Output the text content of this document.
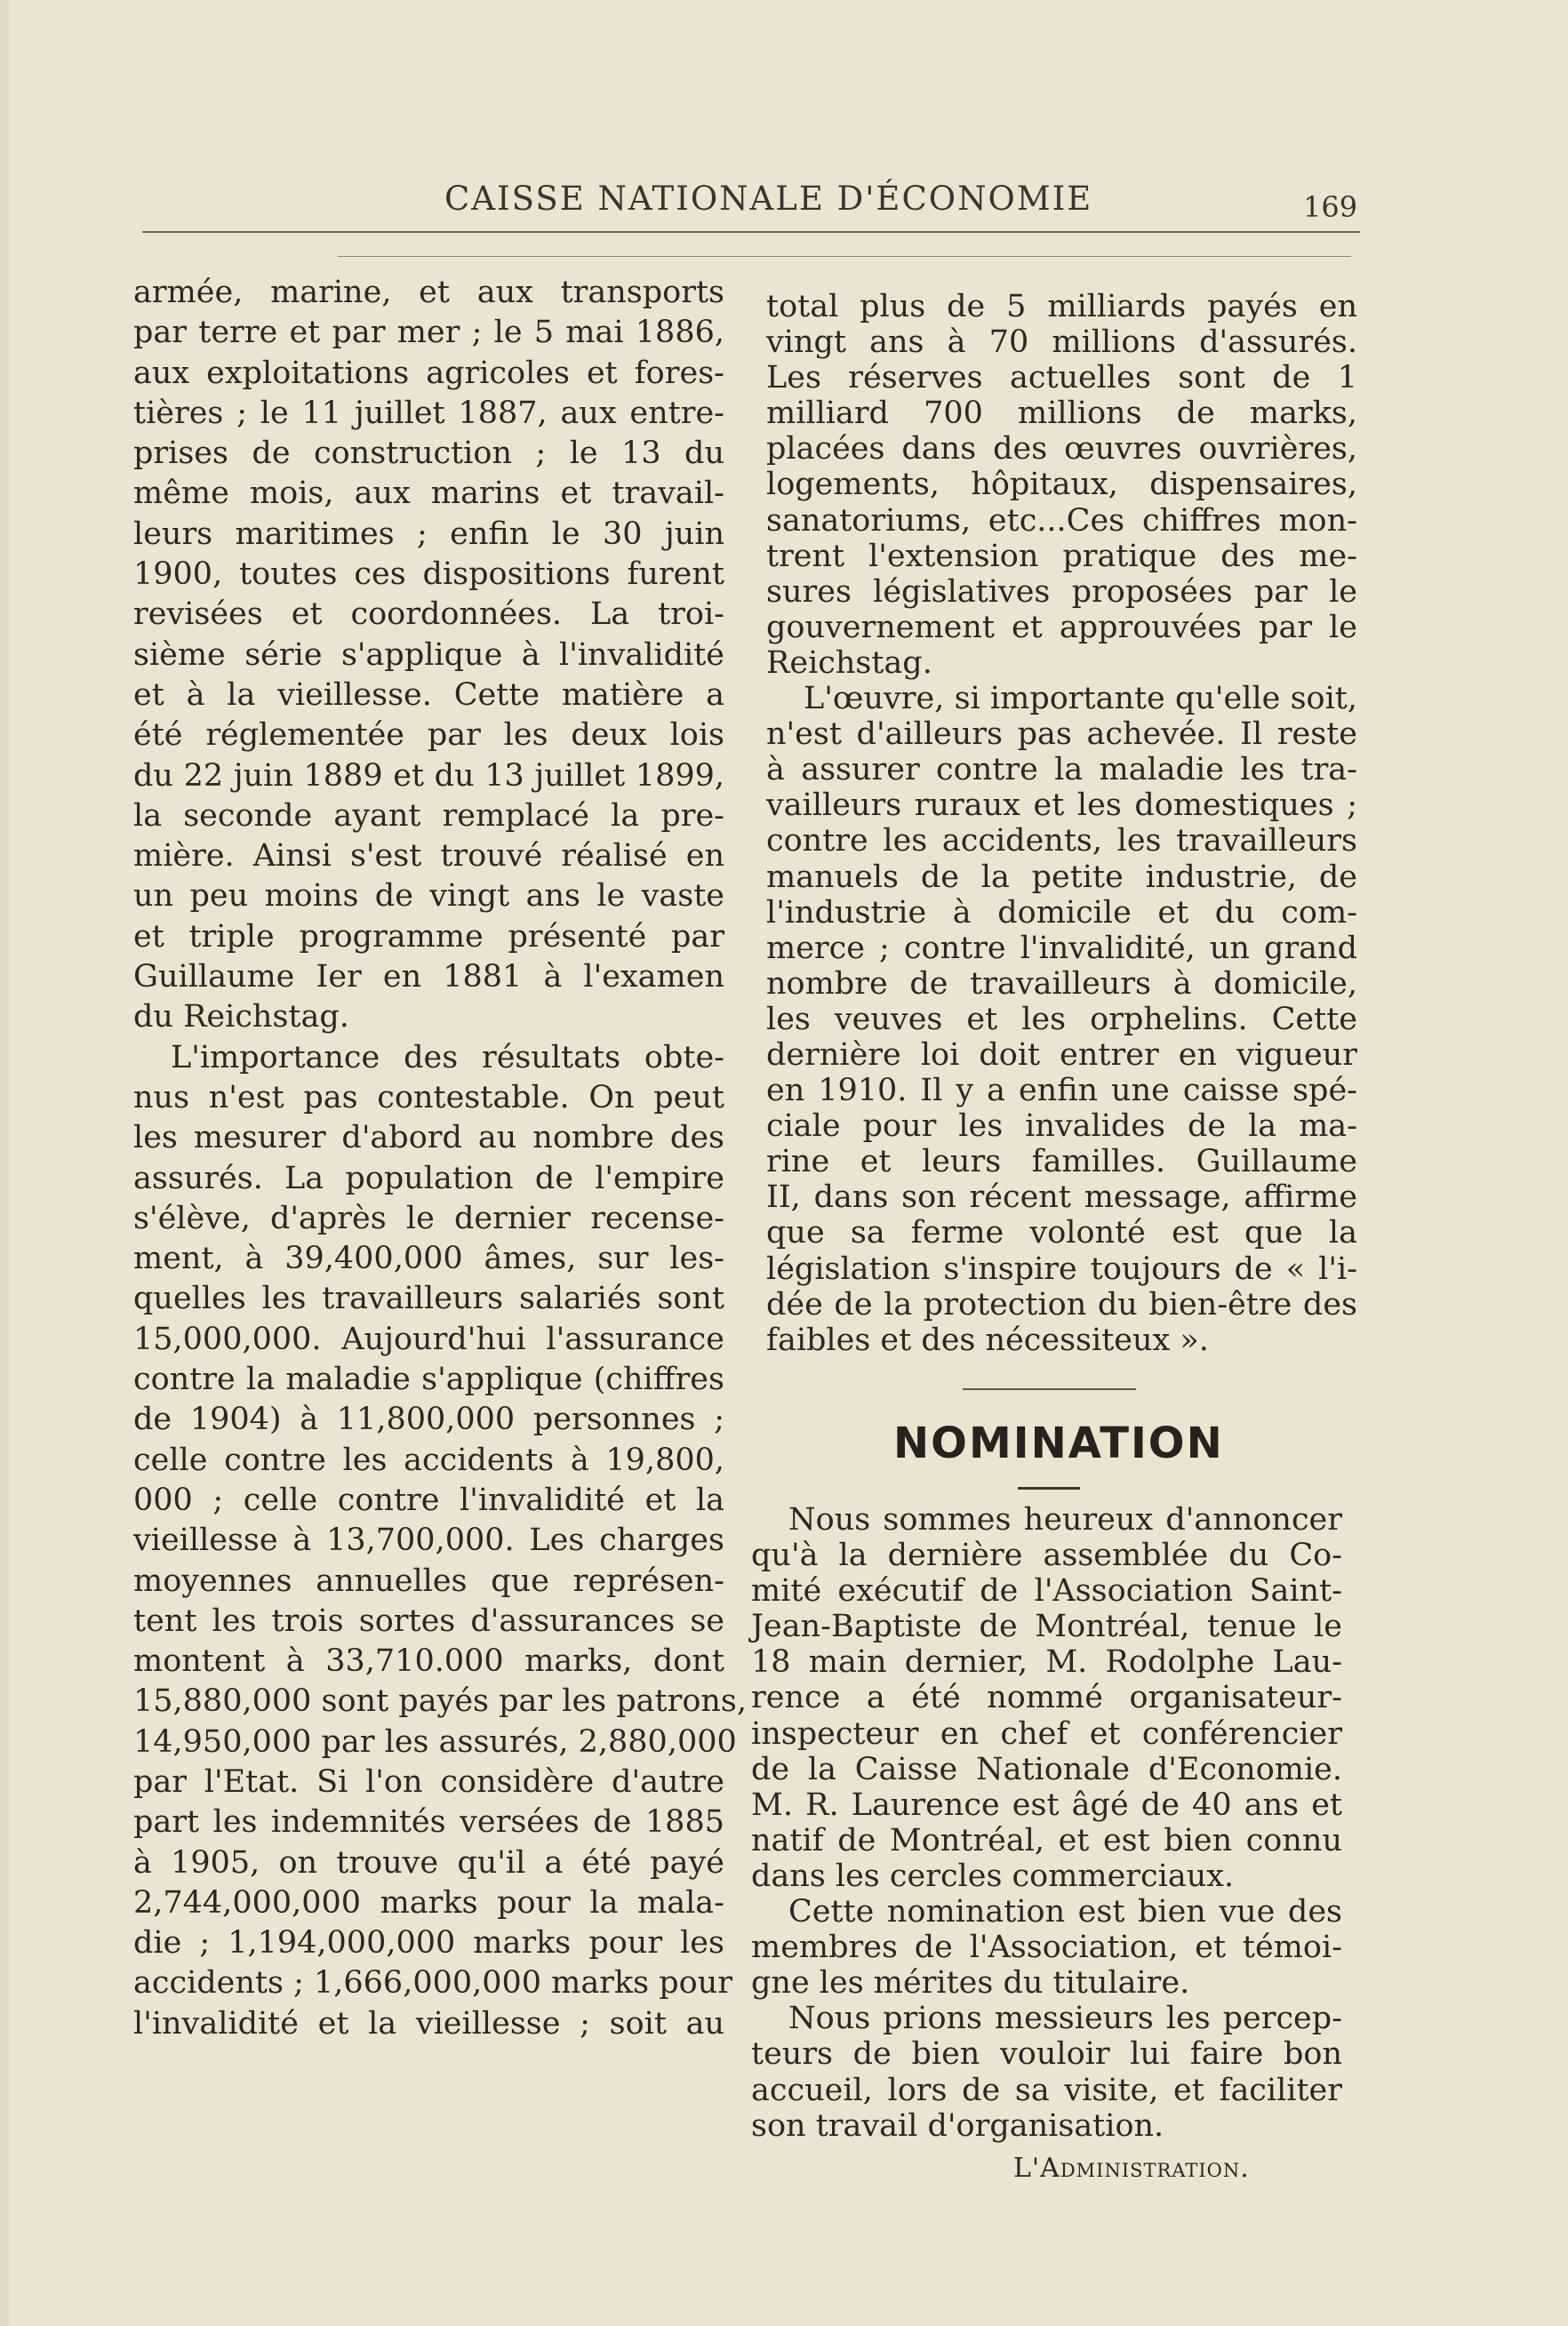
CAISSE NATIONALE D'ÉCONOMIE	169
armée, marine, et aux transports
par terre et par mer ; le 5 mai 1886,
aux exploitations agricoles et fores-
tières ; le 11 juillet 1887, aux entre-
prises de construction ; le 13 du
même mois, aux marins et travail-
leurs maritimes ; enfin le 30 juin
1900, toutes ces dispositions furent
revisées et coordonnées. La troi-
sième série s'applique à l'invalidité
et à la vieillesse. Cette matière a
été réglementée par les deux lois
du 22 juin 1889 et du 13 juillet 1899,
la seconde ayant remplacé la pre-
mière. Ainsi s'est trouvé réalisé en
un peu moins de vingt ans le vaste
et triple programme présenté par
Guillaume Ier en 1881 à l'examen
du Reichstag.
L'importance des résultats obte-
nus n'est pas contestable. On peut
les mesurer d'abord au nombre des
assurés. La population de l'empire
s'élève, d'après le dernier recense-
ment, à 39,400,000 âmes, sur les-
quelles les travailleurs salariés sont
15,000,000. Aujourd'hui l'assurance
contre la maladie s'applique (chiffres
de 1904) à 11,800,000 personnes ;
celle contre les accidents à 19,800,
000 ; celle contre l'invalidité et la
vieillesse à 13,700,000. Les charges
moyennes annuelles que représen-
tent les trois sortes d'assurances se
montent à 33,710.000 marks, dont
15,880,000 sont payés par les patrons,
14,950,000 par les assurés, 2,880,000
par l'Etat. Si l'on considère d'autre
part les indemnités versées de 1885
à 1905, on trouve qu'il a été payé
2,744,000,000 marks pour la mala-
die ; 1,194,000,000 marks pour les
accidents ; 1,666,000,000 marks pour
l'invalidité et la vieillesse ; soit au
total plus de 5 milliards payés en
vingt ans à 70 millions d'assurés.
Les réserves actuelles sont de 1
milliard 700 millions de marks,
placées dans des œuvres ouvrières,
logements, hôpitaux, dispensaires,
sanatoriums, etc...Ces chiffres mon-
trent l'extension pratique des me-
sures législatives proposées par le
gouvernement et approuvées par le
Reichstag.
L'œuvre, si importante qu'elle soit,
n'est d'ailleurs pas achevée. Il reste
à assurer contre la maladie les tra-
vailleurs ruraux et les domestiques ;
contre les accidents, les travailleurs
manuels de la petite industrie, de
l'industrie à domicile et du com-
merce ; contre l'invalidité, un grand
nombre de travailleurs à domicile,
les veuves et les orphelins. Cette
dernière loi doit entrer en vigueur
en 1910. Il y a enfin une caisse spé-
ciale pour les invalides de la ma-
rine et leurs familles. Guillaume
II, dans son récent message, affirme
que sa ferme volonté est que la
législation s'inspire toujours de « l'i-
dée de la protection du bien-être des
faibles et des nécessiteux ».
NOMINATION
Nous sommes heureux d'annoncer
qu'à la dernière assemblée du Co-
mité exécutif de l'Association Saint-
Jean-Baptiste de Montréal, tenue le
18 main dernier, M. Rodolphe Lau-
rence a été nommé organisateur-
inspecteur en chef et conférencier
de la Caisse Nationale d'Economie.
M. R. Laurence est âgé de 40 ans et
natif de Montréal, et est bien connu
dans les cercles commerciaux.
Cette nomination est bien vue des
membres de l'Association, et témoi-
gne les mérites du titulaire.
Nous prions messieurs les percep-
teurs de bien vouloir lui faire bon
accueil, lors de sa visite, et faciliter
son travail d'organisation.
L'Administration.
